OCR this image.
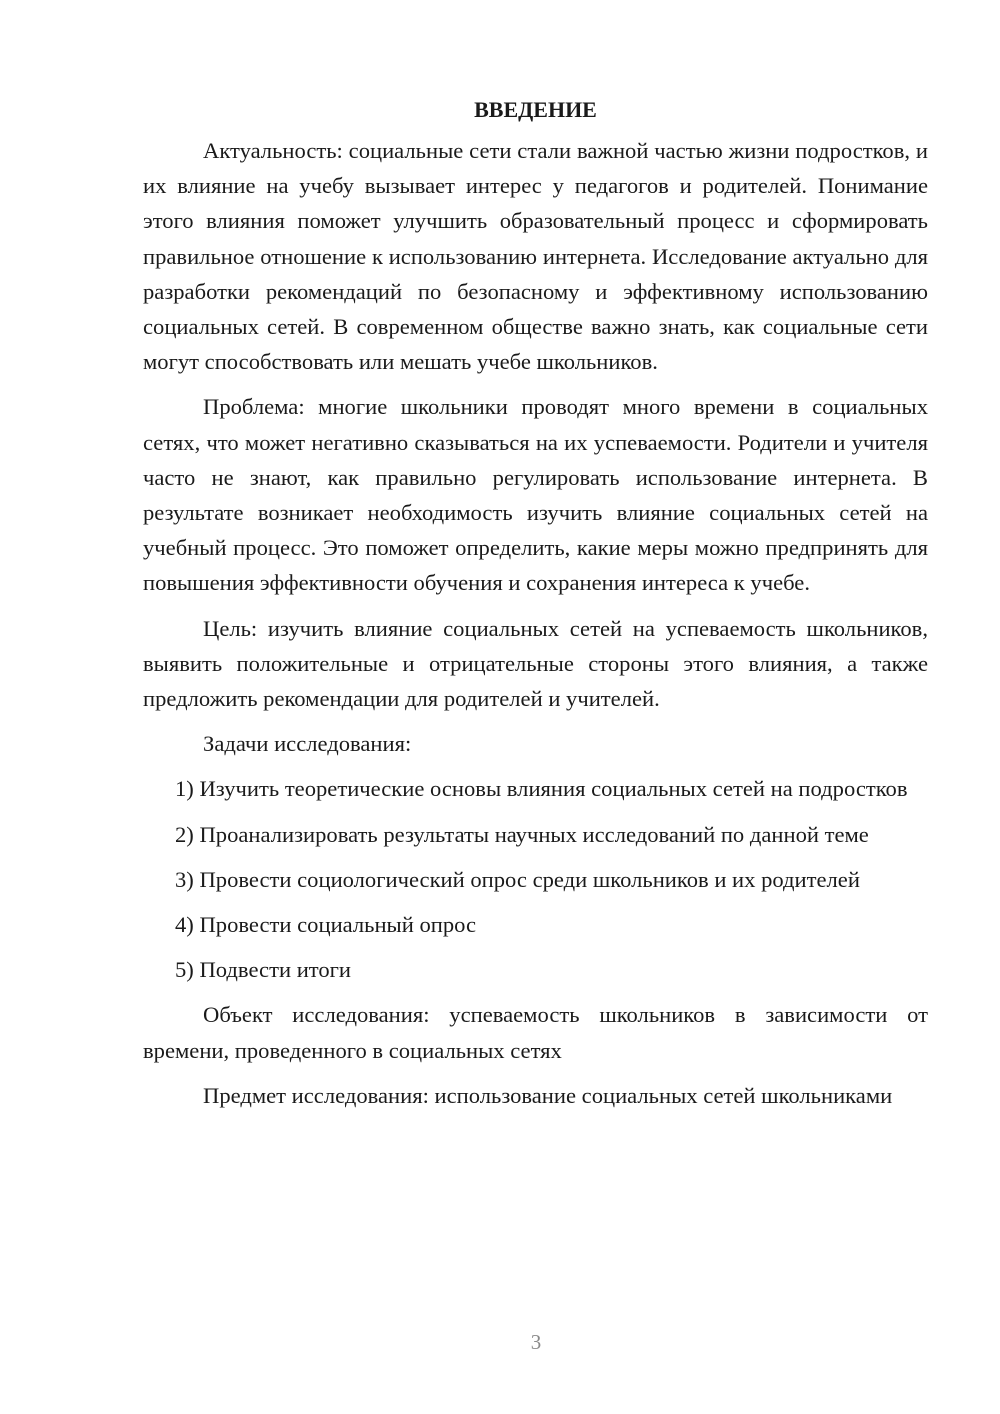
ВВЕДЕНИЕ

Актуальность: социальные сети стали важной частью жизни подростков, и их влияние на учебу вызывает интерес у педагогов и родителей. Понимание этого влияния поможет улучшить образовательный процесс и сформировать правильное отношение к использованию интернета. Исследование актуально для разработки рекомендаций по безопасному и эффективному использованию социальных сетей. В современном обществе важно знать, как социальные сети могут способствовать или мешать учебе школьников.

Проблема: многие школьники проводят много времени в социальных сетях, что может негативно сказываться на их успеваемости. Родители и учителя часто не знают, как правильно регулировать использование интернета. В результате возникает необходимость изучить влияние социальных сетей на учебный процесс. Это поможет определить, какие меры можно предпринять для повышения эффективности обучения и сохранения интереса к учебе.

Цель: изучить влияние социальных сетей на успеваемость школьников, выявить положительные и отрицательные стороны этого влияния, а также предложить рекомендации для родителей и учителей.

Задачи исследования:

1) Изучить теоретические основы влияния социальных сетей на подростков

2) Проанализировать результаты научных исследований по данной теме

3) Провести социологический опрос среди школьников и их родителей

4) Провести социальный опрос

5) Подвести итоги

Объект исследования: успеваемость школьников в зависимости от времени, проведенного в социальных сетях

Предмет исследования: использование социальных сетей школьниками

3
